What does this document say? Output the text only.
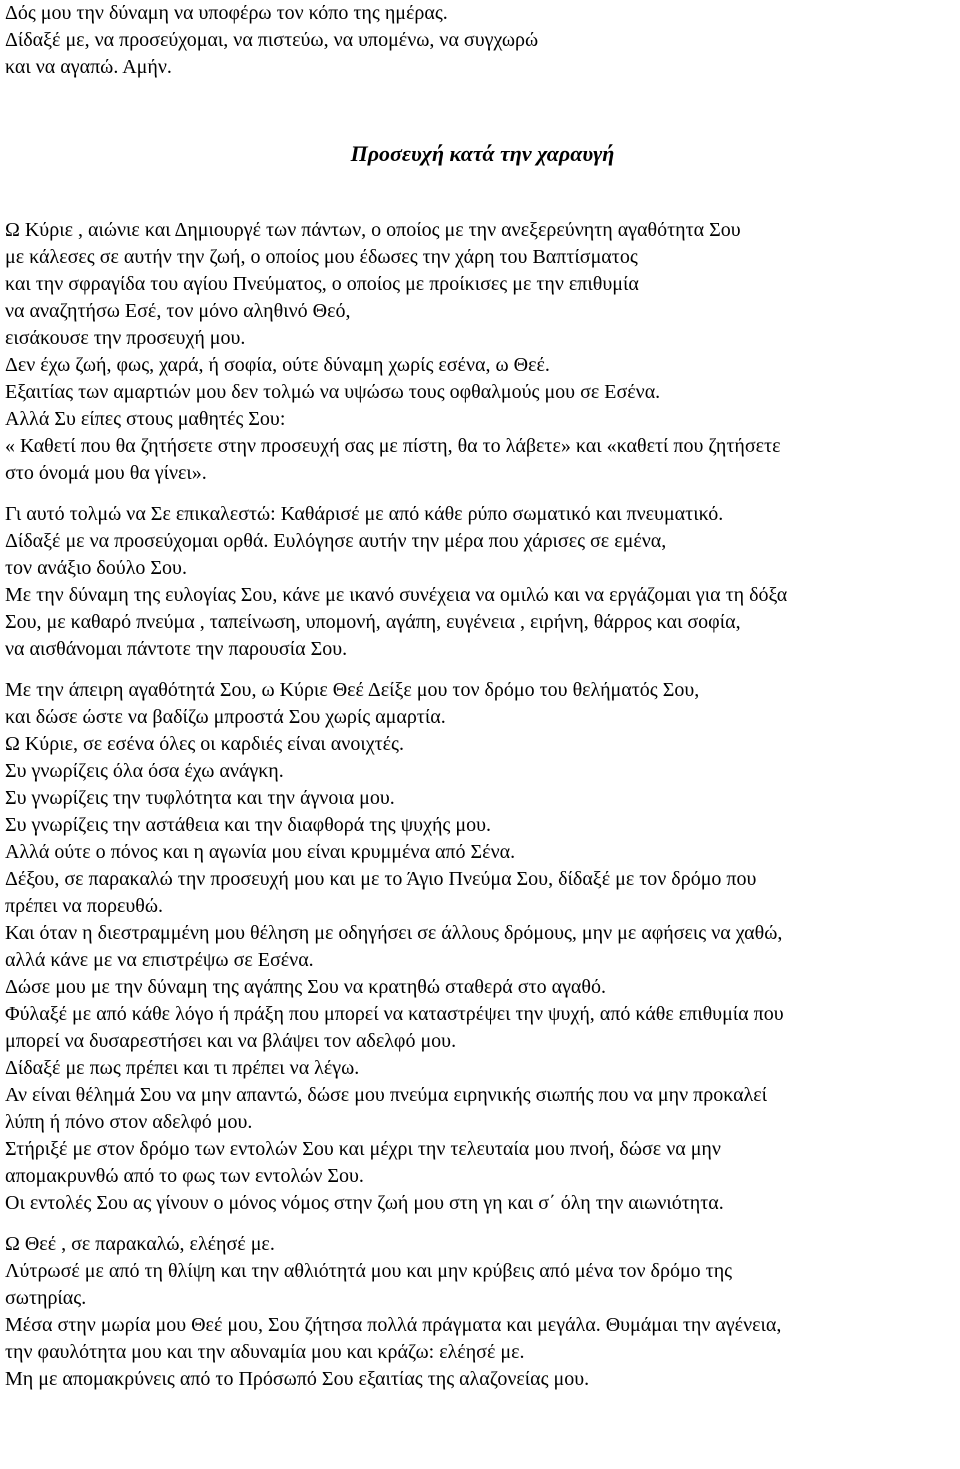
Δός μου την δύναμη να υποφέρω τον κόπο της ημέρας.
Δίδαξέ με, να προσεύχομαι, να πιστεύω, να υπομένω, να συγχωρώ
και να αγαπώ. Αμήν.
Προσευχή κατά την χαραυγή
Ω Κύριε , αιώνιε και Δημιουργέ των πάντων, ο οποίος με την ανεξερεύνητη αγαθότητα Σου
με κάλεσες σε αυτήν την ζωή, ο οποίος μου έδωσες την χάρη του Βαπτίσματος
και την σφραγίδα του αγίου Πνεύματος, ο οποίος με προίκισες με την επιθυμία
να αναζητήσω Εσέ, τον μόνο αληθινό Θεό,
εισάκουσε την προσευχή μου.
Δεν έχω ζωή, φως, χαρά, ή σοφία, ούτε δύναμη χωρίς εσένα, ω Θεέ.
Εξαιτίας των αμαρτιών μου δεν τολμώ να υψώσω τους οφθαλμούς μου σε Εσένα.
Αλλά Συ είπες στους μαθητές Σου:
« Καθετί που θα ζητήσετε στην προσευχή σας με πίστη, θα το λάβετε» και «καθετί που ζητήσετε
στο όνομά μου θα γίνει».
Γι αυτό τολμώ να Σε επικαλεστώ: Καθάρισέ με από κάθε ρύπο σωματικό και πνευματικό.
Δίδαξέ με να προσεύχομαι ορθά. Ευλόγησε αυτήν την μέρα που χάρισες σε εμένα,
τον ανάξιο δούλο Σου.
Με την δύναμη της ευλογίας Σου, κάνε με ικανό συνέχεια να ομιλώ και να εργάζομαι για τη δόξα
Σου, με καθαρό πνεύμα , ταπείνωση, υπομονή, αγάπη, ευγένεια , ειρήνη, θάρρος και σοφία,
να αισθάνομαι πάντοτε την παρουσία Σου.
Με την άπειρη αγαθότητά Σου, ω Κύριε Θεέ Δείξε μου τον δρόμο του θελήματός Σου,
και δώσε ώστε να βαδίζω μπροστά Σου χωρίς αμαρτία.
Ω Κύριε, σε εσένα όλες οι καρδιές είναι ανοιχτές.
Συ γνωρίζεις όλα όσα έχω ανάγκη.
Συ γνωρίζεις την τυφλότητα και την άγνοια μου.
Συ γνωρίζεις την αστάθεια και την διαφθορά της ψυχής μου.
Αλλά ούτε ο πόνος και η αγωνία μου είναι κρυμμένα από Σένα.
Δέξου, σε παρακαλώ την προσευχή μου και με το Άγιο Πνεύμα Σου, δίδαξέ με τον δρόμο που
πρέπει να πορευθώ.
Και όταν η διεστραμμένη μου θέληση με οδηγήσει σε άλλους δρόμους, μην με αφήσεις να χαθώ,
αλλά κάνε με να επιστρέψω σε Εσένα.
Δώσε μου με την δύναμη της αγάπης Σου να κρατηθώ σταθερά στο αγαθό.
Φύλαξέ με από κάθε λόγο ή πράξη που μπορεί να καταστρέψει την ψυχή, από κάθε επιθυμία που
μπορεί να δυσαρεστήσει και να βλάψει τον αδελφό μου.
Δίδαξέ με πως πρέπει και τι πρέπει να λέγω.
Αν είναι θέλημά Σου να μην απαντώ, δώσε μου πνεύμα ειρηνικής σιωπής που να μην προκαλεί
λύπη ή πόνο στον αδελφό μου.
Στήριξέ με στον δρόμο των εντολών Σου και μέχρι την τελευταία μου πνοή, δώσε να μην
απομακρυνθώ από το φως των εντολών Σου.
Οι εντολές Σου ας γίνουν ο μόνος νόμος στην ζωή μου στη γη και σ΄ όλη την αιωνιότητα.
Ω Θεέ , σε παρακαλώ, ελέησέ με.
Λύτρωσέ με από τη θλίψη και την αθλιότητά μου και μην κρύβεις από μένα τον δρόμο της
σωτηρίας.
Μέσα στην μωρία μου Θεέ μου, Σου ζήτησα πολλά πράγματα και μεγάλα. Θυμάμαι την αγένεια,
την φαυλότητα μου και την αδυναμία μου και κράζω: ελέησέ με.
Μη με απομακρύνεις από το Πρόσωπό Σου εξαιτίας της αλαζονείας μου.
